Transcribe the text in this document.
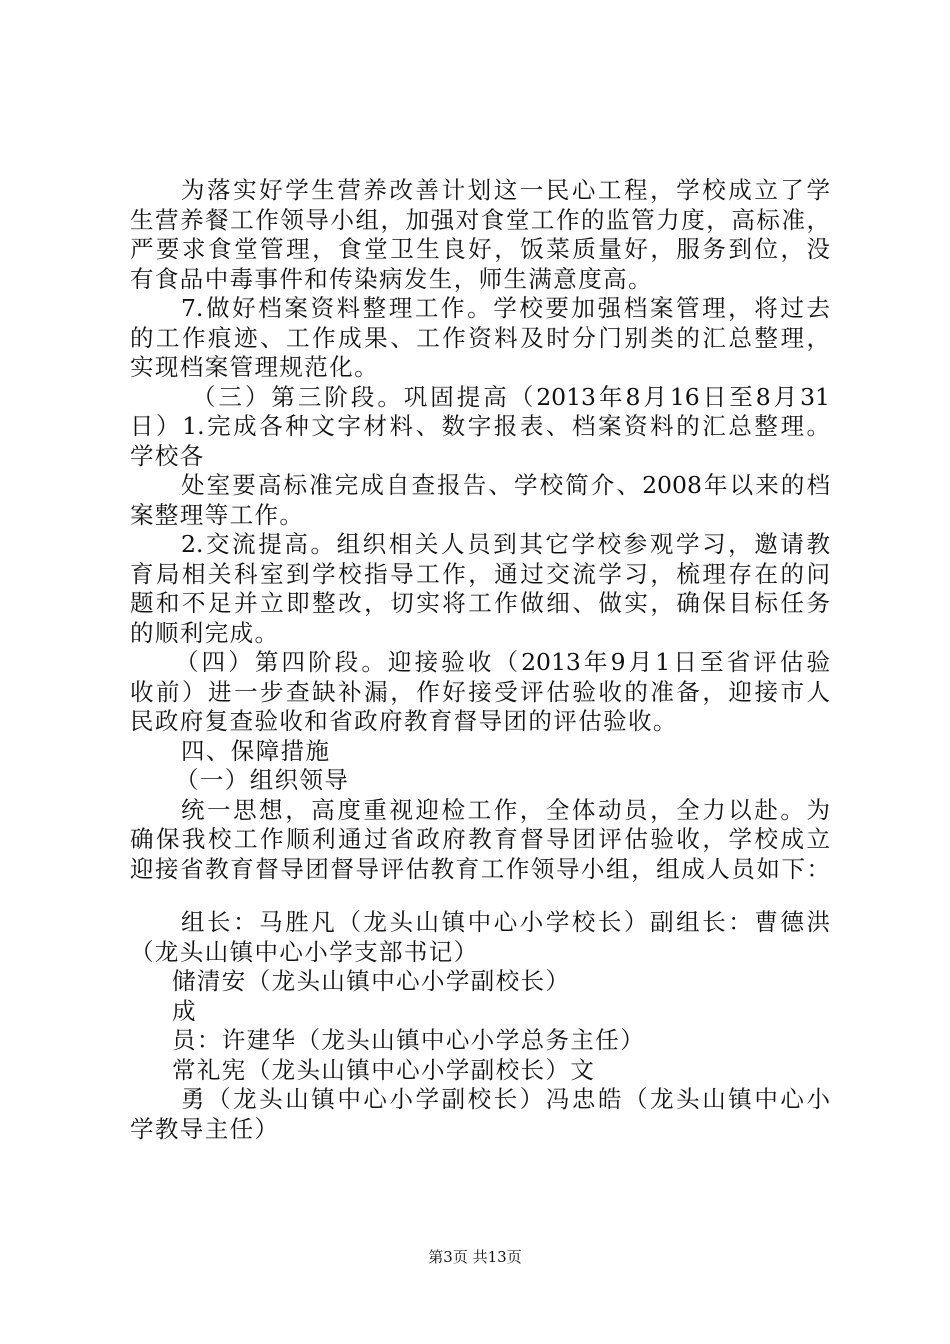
为落实好学生营养改善计划这一民心工程，学校成立了学
生营养餐工作领导小组，加强对食堂工作的监管力度，高标准，
严要求食堂管理，食堂卫生良好，饭菜质量好，服务到位，没
有食品中毒事件和传染病发生，师生满意度高。
7.做好档案资料整理工作。学校要加强档案管理，将过去
的工作痕迹、工作成果、工作资料及时分门别类的汇总整理，
实现档案管理规范化。
（三）第三阶段。巩固提高（2013年8月16日至8月31
日）1.完成各种文字材料、数字报表、档案资料的汇总整理。
学校各
处室要高标准完成自查报告、学校简介、2008年以来的档
案整理等工作。
2.交流提高。组织相关人员到其它学校参观学习，邀请教
育局相关科室到学校指导工作，通过交流学习，梳理存在的问
题和不足并立即整改，切实将工作做细、做实，确保目标任务
的顺利完成。
（四）第四阶段。迎接验收（2013年9月1日至省评估验
收前）进一步查缺补漏，作好接受评估验收的准备，迎接市人
民政府复查验收和省政府教育督导团的评估验收。
四、保障措施
（一）组织领导
统一思想，高度重视迎检工作，全体动员，全力以赴。为
确保我校工作顺利通过省政府教育督导团评估验收，学校成立
迎接省教育督导团督导评估教育工作领导小组，组成人员如下：
组长：马胜凡（龙头山镇中心小学校长）副组长：曹德洪
（龙头山镇中心小学支部书记）
储清安（龙头山镇中心小学副校长）
成
员：许建华（龙头山镇中心小学总务主任）
常礼宪（龙头山镇中心小学副校长）文
勇（龙头山镇中心小学副校长）冯忠皓（龙头山镇中心小
学教导主任）
第3页 共13页
